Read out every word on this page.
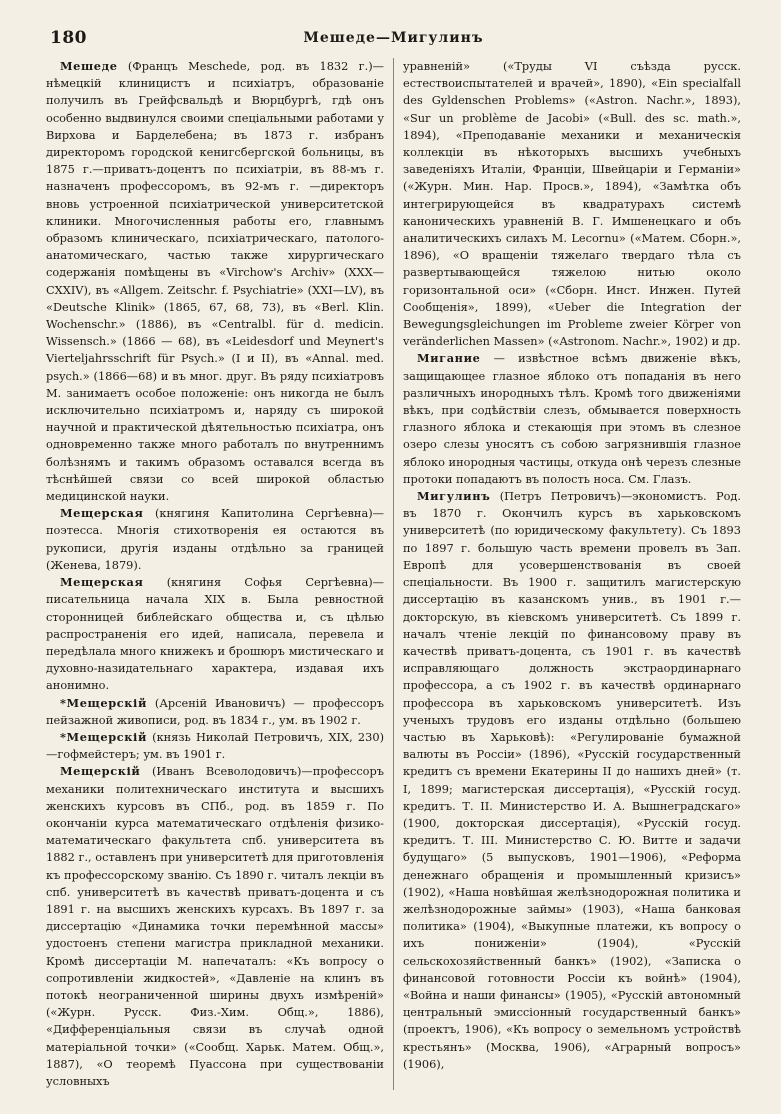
180	Мешеде—Мигулинъ

Мешеде (Францъ Meschede, род. въ 1832 г.)—нѣмецкій клиницистъ и психіатръ, образованіе получилъ въ Грейфсвальдѣ и Вюрцбургѣ, гдѣ онъ особенно выдвинулся своими спеціальными работами у Вирхова и Барделебена; въ 1873 г. избранъ директоромъ городской кенигсбергской больницы, въ 1875 г.—приватъ-доцентъ по психіатріи, въ 88-мъ г. назначенъ профессоромъ, въ 92-мъ г. —директоръ вновь устроенной психіатрической университетской клиники. Многочисленныя работы его, главнымъ образомъ клиническаго, психіатрическаго, патолого-анатомическаго, частью также хирургическаго содержанія помѣщены въ «Virchow's Archiv» (XXX—CXXIV), въ «Allgem. Zeitschr. f. Psychiatrie» (XXI—LV), въ «Deutsche Klinik» (1865, 67, 68, 73), въ «Berl. Klin. Wochenschr.» (1886), въ «Centralbl. für d. medicin. Wissensch.» (1866 — 68), въ «Leidesdorf und Meynert's Vierteljahrsschrift für Psych.» (I и II), въ «Annal. med. psych.» (1866—68) и въ мног. друг. Въ ряду психіатровъ М. занимаетъ особое положеніе: онъ никогда не былъ исключительно психіатромъ и, наряду съ широкой научной и практической дѣятельностью психіатра, онъ одновременно также много работалъ по внутреннимъ болѣзнямъ и такимъ образомъ оставался всегда въ тѣснѣйшей связи со всей широкой областью медицинской науки.

Мещерская (княгиня Капитолина Сергѣевна)—поэтесса. Многія стихотворенія ея остаются въ рукописи, другія изданы отдѣльно за границей (Женева, 1879).

Мещерская (княгиня Софья Сергѣевна)—писательница начала XIX в. Была ревностной сторонницей библейскаго общества и, съ цѣлью распространенія его идей, написала, перевела и передѣлала много книжекъ и брошюръ мистическаго и духовно-назидательнаго характера, издавая ихъ анонимно.

*Мещерскій (Арсеній Ивановичъ) — профессоръ пейзажной живописи, род. въ 1834 г., ум. въ 1902 г.

*Мещерскій (князь Николай Петровичъ, XIX, 230)—гофмейстеръ; ум. въ 1901 г.

Мещерскій (Иванъ Всеволодовичъ)—профессоръ механики политехническаго института и высшихъ женскихъ курсовъ въ СПб., род. въ 1859 г. По окончаніи курса математическаго отдѣленія физико-математическаго факультета спб. университета въ 1882 г., оставленъ при университетѣ для приготовленія къ профессорскому званію. Съ 1890 г. читалъ лекціи въ спб. университетѣ въ качествѣ приватъ-доцента и съ 1891 г. на высшихъ женскихъ курсахъ. Въ 1897 г. за диссертацію «Динамика точки перемѣнной массы» удостоенъ степени магистра прикладной механики. Кромѣ диссертаціи М. напечаталъ: «Къ вопросу о сопротивленіи жидкостей», «Давленіе на клинъ въ потокѣ неограниченной ширины двухъ измѣреній» («Журн. Русск. Физ.-Хим. Общ.», 1886), «Дифференціальныя связи въ случаѣ одной матеріальной точки» («Сообщ. Харьк. Матем. Общ.», 1887), «О теоремѣ Пуассона при существованіи условныхъ

уравненій» («Труды VI съѣзда русск. естествоиспытателей и врачей», 1890), «Ein specialfall des Gyldenschen Problems» («Astron. Nachr.», 1893), «Sur un problème de Jacobi» («Bull. des sc. math.», 1894), «Преподаваніе механики и механическія коллекціи въ нѣкоторыхъ высшихъ учебныхъ заведеніяхъ Италіи, Франціи, Швейцаріи и Германіи» («Журн. Мин. Нар. Просв.», 1894), «Замѣтка объ интегрирующейся въ квадратурахъ системѣ каноническихъ уравненій В. Г. Имшенецкаго и объ аналитическихъ силахъ М. Lecornu» («Матем. Сборн.», 1896), «О вращеніи тяжелаго твердаго тѣла съ развертывающейся тяжелою нитью около горизонтальной оси» («Сборн. Инст. Инжен. Путей Сообщенія», 1899), «Ueber die Integration der Bewegungsgleichungen im Probleme zweier Körper von veränderlichen Massen» («Astronom. Nachr.», 1902) и др.

Мигание — извѣстное всѣмъ движеніе вѣкъ, защищающее глазное яблоко отъ попаданія въ него различныхъ инородныхъ тѣлъ. Кромѣ того движеніями вѣкъ, при содѣйствіи слезъ, обмывается поверхность глазного яблока и стекающія при этомъ въ слезное озеро слезы уносятъ съ собою загрязнившія глазное яблоко инородныя частицы, откуда онѣ черезъ слезные протоки попадаютъ въ полость носа. См. Глазъ.

Мигулинъ (Петръ Петровичъ)—экономистъ. Род. въ 1870 г. Окончилъ курсъ въ харьковскомъ университетѣ (по юридическому факультету). Съ 1893 по 1897 г. большую часть времени провелъ въ Зап. Европѣ для усовершенствованія въ своей спеціальности. Въ 1900 г. защитилъ магистерскую диссертацію въ казанскомъ унив., въ 1901 г.—докторскую, въ кіевскомъ университетѣ. Съ 1899 г. началъ чтеніе лекцій по финансовому праву въ качествѣ приватъ-доцента, съ 1901 г. въ качествѣ исправляющаго должность экстраординарнаго профессора, а съ 1902 г. въ качествѣ ординарнаго профессора въ харьковскомъ университетѣ. Изъ ученыхъ трудовъ его изданы отдѣльно (большею частью въ Харьковѣ): «Регулированіе бумажной валюты въ Россіи» (1896), «Русскій государственный кредитъ съ времени Екатерины II до нашихъ дней» (т. I, 1899; магистерская диссертація), «Русскій госуд. кредитъ. Т. II. Министерство И. А. Вышнеградскаго» (1900, докторская диссертація), «Русскій госуд. кредитъ. Т. III. Министерство С. Ю. Витте и задачи будущаго» (5 выпусковъ, 1901—1906), «Реформа денежнаго обращенія и промышленный кризисъ» (1902), «Наша новѣйшая желѣзнодорожная политика и желѣзнодорожные займы» (1903), «Наша банковая политика» (1904), «Выкупные платежи, къ вопросу о ихъ пониженіи» (1904), «Русскій сельскохозяйственный банкъ» (1902), «Записка о финансовой готовности Россіи къ войнѣ» (1904), «Война и наши финансы» (1905), «Русскій автономный центральный эмиссіонный государственный банкъ» (проектъ, 1906), «Къ вопросу о земельномъ устройствѣ крестьянъ» (Москва, 1906), «Аграрный вопросъ» (1906),
